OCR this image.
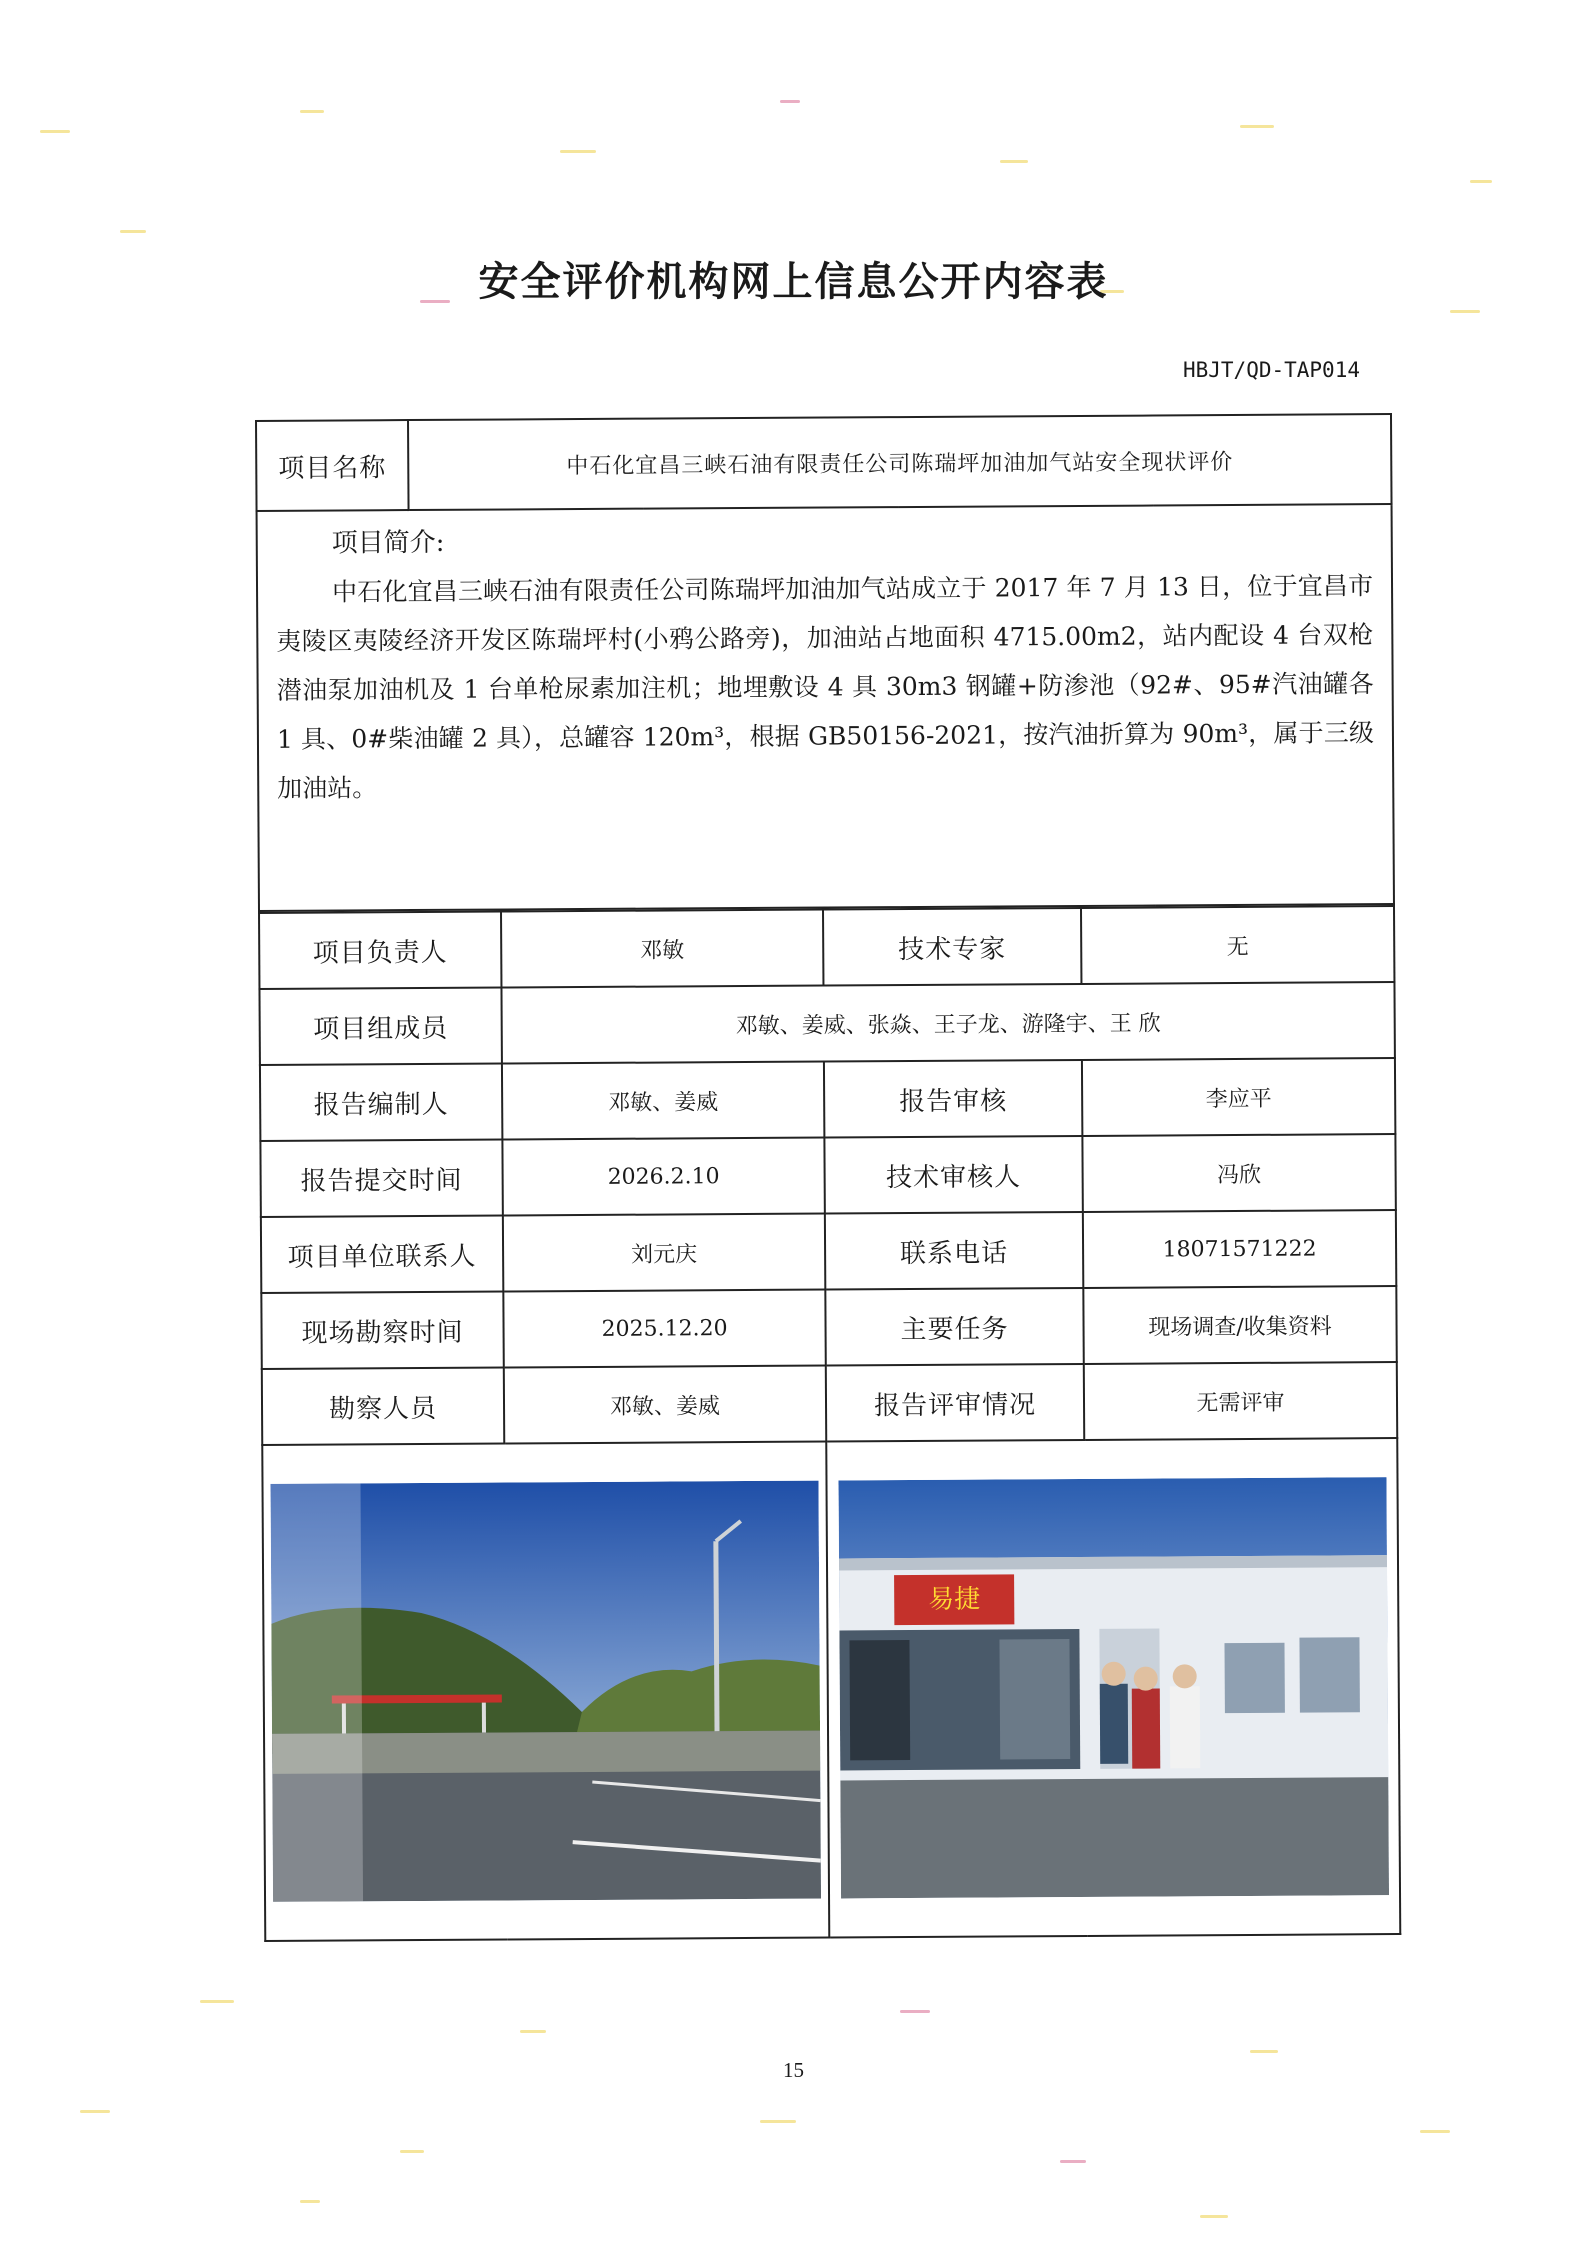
安全评价机构网上信息公开内容表
HBJT/QD-TAP014
项目名称	中石化宜昌三峡石油有限责任公司陈瑞坪加油加气站安全现状评价

项目简介:
中石化宜昌三峡石油有限责任公司陈瑞坪加油加气站成立于 2017 年 7 月 13 日，位于宜昌市夷陵区夷陵经济开发区陈瑞坪村(小鸦公路旁)，加油站占地面积 4715.00m2，站内配设 4 台双枪潜油泵加油机及 1 台单枪尿素加注机；地埋敷设 4 具 30m3 钢罐+防渗池（92#、95#汽油罐各 1 具、0#柴油罐 2 具），总罐容 120m³，根据 GB50156-2021，按汽油折算为 90m³，属于三级加油站。
项目负责人	邓敏	技术专家	无
项目组成员	邓敏、姜威、张焱、王子龙、游隆宇、王 欣		
报告编制人	邓敏、姜威	报告审核	李应平
报告提交时间	2026.2.10	技术审核人	冯欣
项目单位联系人	刘元庆	联系电话	18071571222
现场勘察时间	2025.12.20	主要任务	现场调查/收集资料
勘察人员	邓敏、姜威	报告评审情况	无需评审

易捷	
15
